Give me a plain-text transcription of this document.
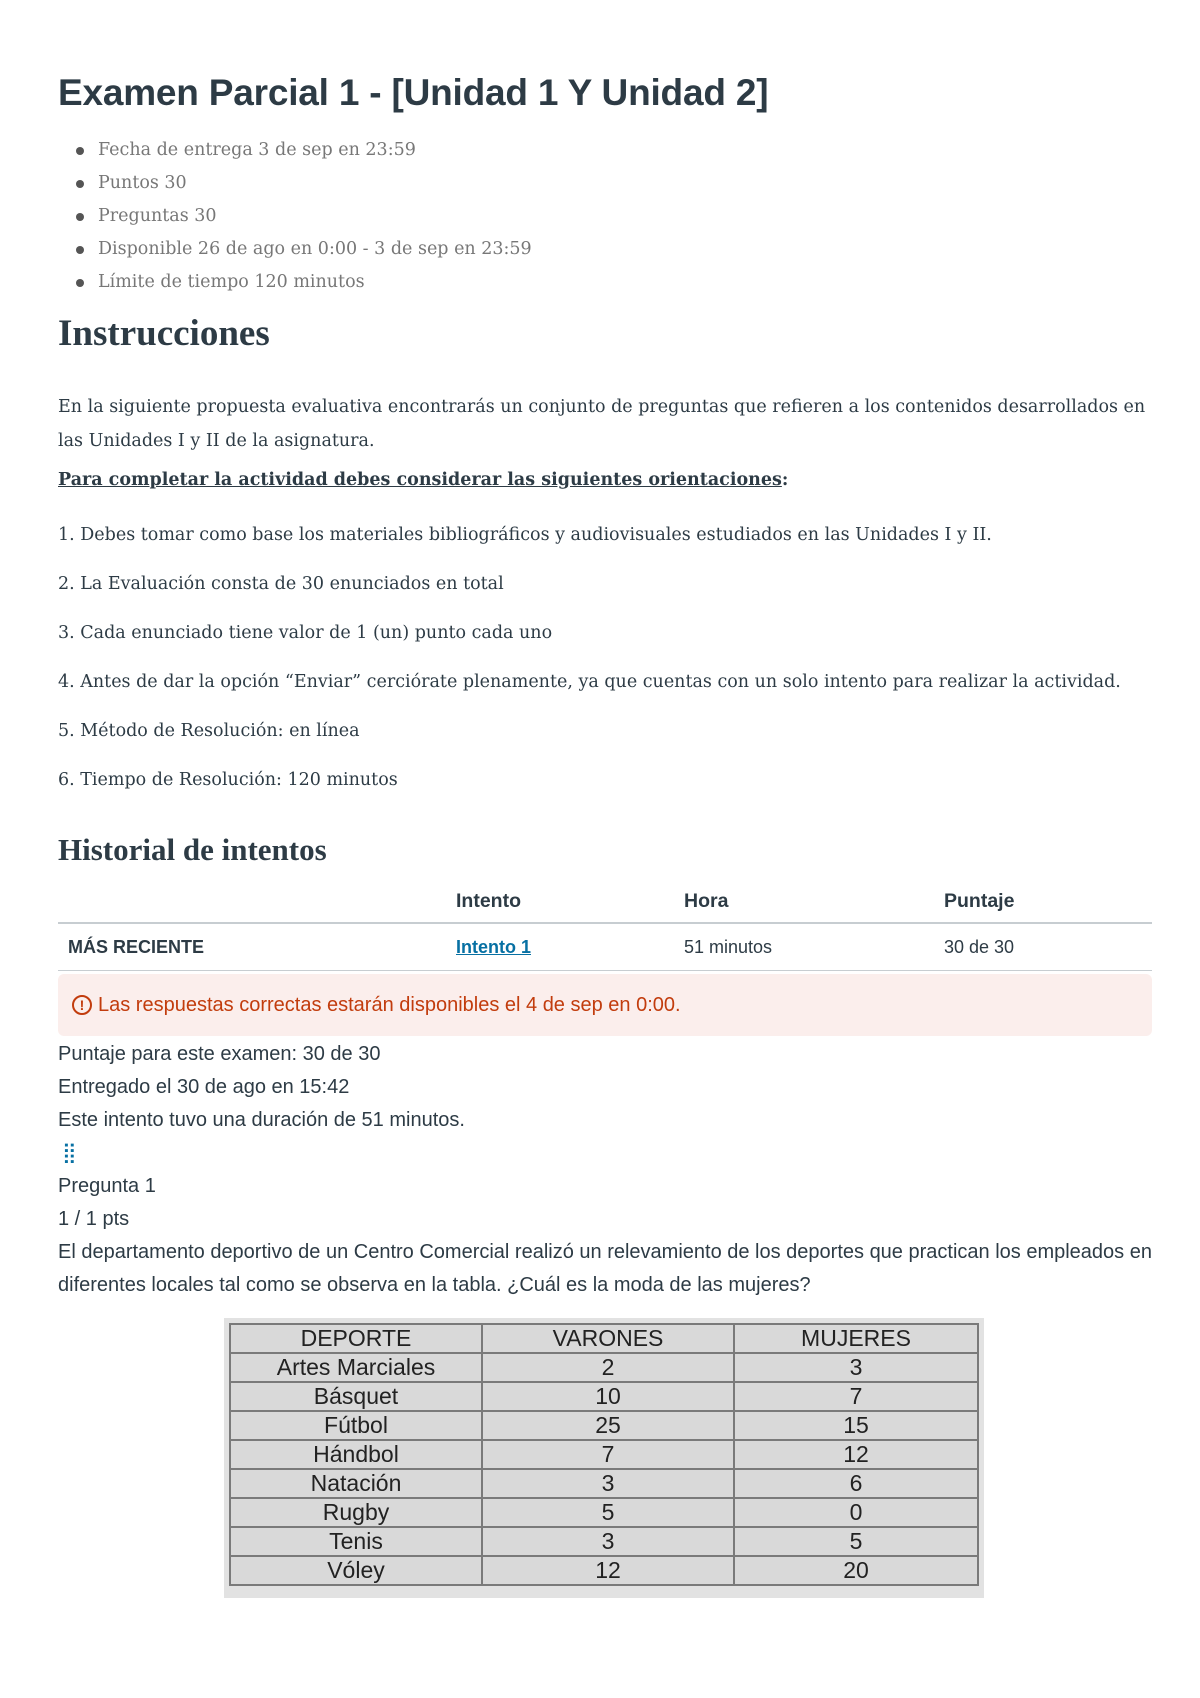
Examen Parcial 1 - [Unidad 1 Y Unidad 2]
Fecha de entrega 3 de sep en 23:59
Puntos 30
Preguntas 30
Disponible 26 de ago en 0:00 - 3 de sep en 23:59
Límite de tiempo 120 minutos
Instrucciones

En la siguiente propuesta evaluativa encontrarás un conjunto de preguntas que refieren a los contenidos desarrollados en las Unidades I y II de la asignatura.

Para completar la actividad debes considerar las siguientes orientaciones:

1. Debes tomar como base los materiales bibliográficos y audiovisuales estudiados en las Unidades I y II.
2. La Evaluación consta de 30 enunciados en total
3. Cada enunciado tiene valor de 1 (un) punto cada uno
4. Antes de dar la opción “Enviar” cerciórate plenamente, ya que cuentas con un solo intento para realizar la actividad.
5. Método de Resolución: en línea
6. Tiempo de Resolución: 120 minutos
Historial de intentos
	Intento	Hora	Puntaje
MÁS RECIENTE	Intento 1	51 minutos	30 de 30
! Las respuestas correctas estarán disponibles el 4 de sep en 0:00.
Puntaje para este examen: 30 de 30
Entregado el 30 de ago en 15:42
Este intento tuvo una duración de 51 minutos.
⣿
Pregunta 1
1 / 1 pts

El departamento deportivo de un Centro Comercial realizó un relevamiento de los deportes que practican los empleados en diferentes locales tal como se observa en la tabla. ¿Cuál es la moda de las mujeres?

DEPORTE	VARONES	MUJERES
Artes Marciales	2	3
Básquet	10	7
Fútbol	25	15
Hándbol	7	12
Natación	3	6
Rugby	5	0
Tenis	3	5
Vóley	12	20
